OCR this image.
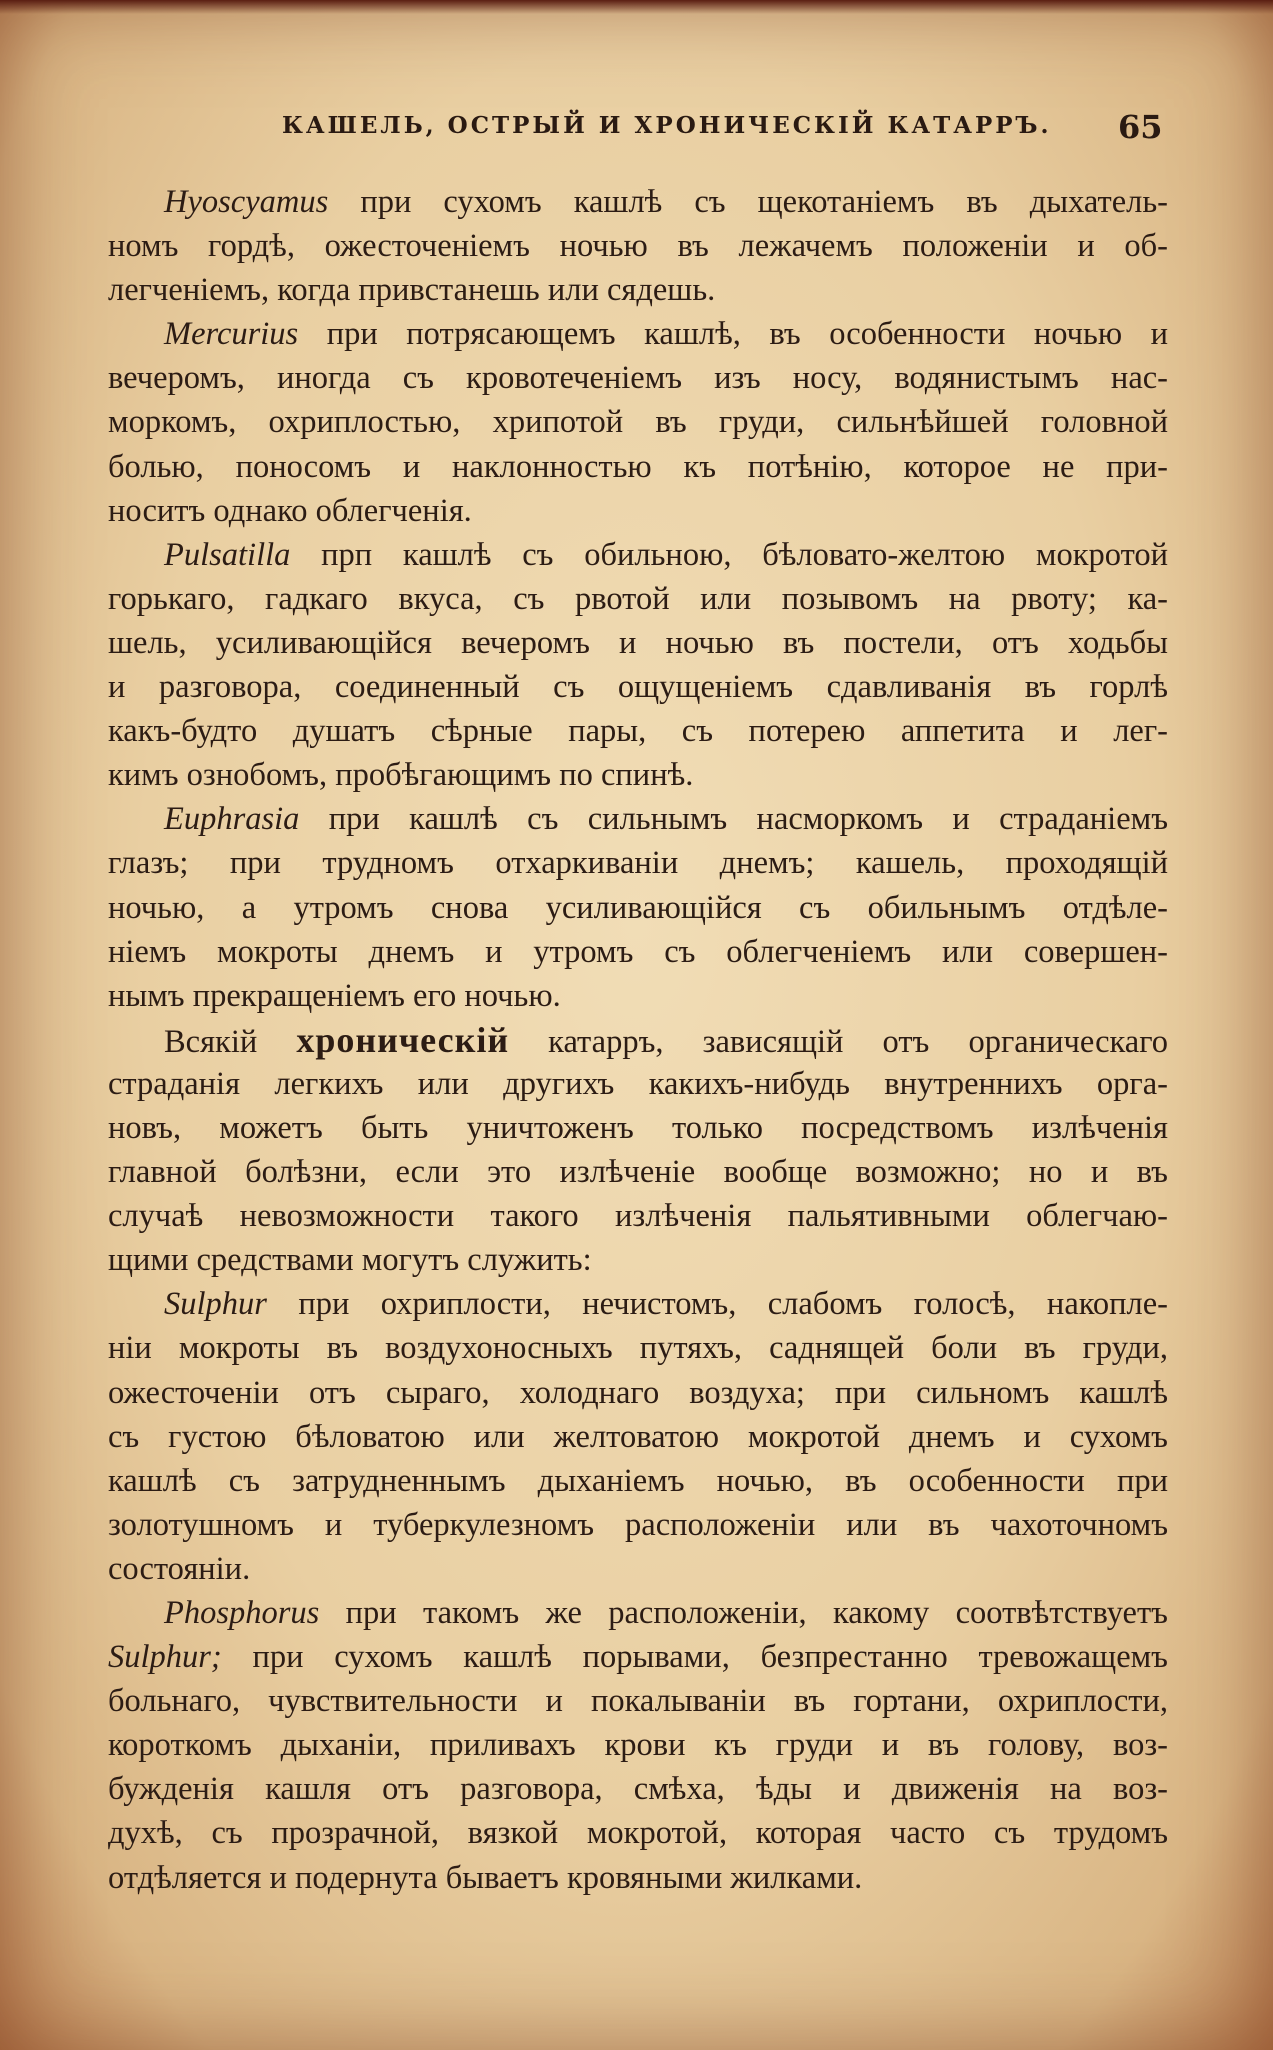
КАШЕЛЬ, ОСТРЫЙ И ХРОНИЧЕСКІЙ КАТАРРЪ. 65
Hyoscyamus при сухомъ кашлѣ съ щекотаніемъ въ дыхатель-
номъ гордѣ, ожесточеніемъ ночью въ лежачемъ положеніи и об-
легченіемъ, когда привстанешь или сядешь.
Mercurius при потрясающемъ кашлѣ, въ особенности ночью и
вечеромъ, иногда съ кровотеченіемъ изъ носу, водянистымъ нас-
моркомъ, охриплостью, хрипотой въ груди, сильнѣйшей головной
болью, поносомъ и наклонностью къ потѣнію, которое не при-
носитъ однако облегченія.
Pulsatilla прп кашлѣ съ обильною, бѣловато-желтою мокротой
горькаго, гадкаго вкуса, съ рвотой или позывомъ на рвоту; ка-
шель, усиливающійся вечеромъ и ночью въ постели, отъ ходьбы
и разговора, соединенный съ ощущеніемъ сдавливанія въ горлѣ
какъ-будто душатъ сѣрные пары, съ потерею аппетита и лег-
кимъ ознобомъ, пробѣгающимъ по спинѣ.
Euphrasia при кашлѣ съ сильнымъ насморкомъ и страданіемъ
глазъ; при трудномъ отхаркиваніи днемъ; кашель, проходящій
ночью, а утромъ снова усиливающійся съ обильнымъ отдѣле-
ніемъ мокроты днемъ и утромъ съ облегченіемъ или совершен-
нымъ прекращеніемъ его ночью.
Всякій хроническій катарръ, зависящій отъ органическаго
страданія легкихъ или другихъ какихъ-нибудь внутреннихъ орга-
новъ, можетъ быть уничтоженъ только посредствомъ излѣченія
главной болѣзни, если это излѣченіе вообще возможно; но и въ
случаѣ невозможности такого излѣченія пальятивными облегчаю-
щими средствами могутъ служить:
Sulphur при охриплости, нечистомъ, слабомъ голосѣ, накопле-
ніи мокроты въ воздухоносныхъ путяхъ, саднящей боли въ груди,
ожесточеніи отъ сыраго, холоднаго воздуха; при сильномъ кашлѣ
съ густою бѣловатою или желтоватою мокротой днемъ и сухомъ
кашлѣ съ затрудненнымъ дыханіемъ ночью, въ особенности при
золотушномъ и туберкулезномъ расположеніи или въ чахоточномъ
состояніи.
Phosphorus при такомъ же расположеніи, какому соотвѣтствуетъ
Sulphur; при сухомъ кашлѣ порывами, безпрестанно тревожащемъ
больнаго, чувствительности и покалываніи въ гортани, охриплости,
короткомъ дыханіи, приливахъ крови къ груди и въ голову, воз-
бужденія кашля отъ разговора, смѣха, ѣды и движенія на воз-
духѣ, съ прозрачной, вязкой мокротой, которая часто съ трудомъ
отдѣляется и подернута бываетъ кровяными жилками.
